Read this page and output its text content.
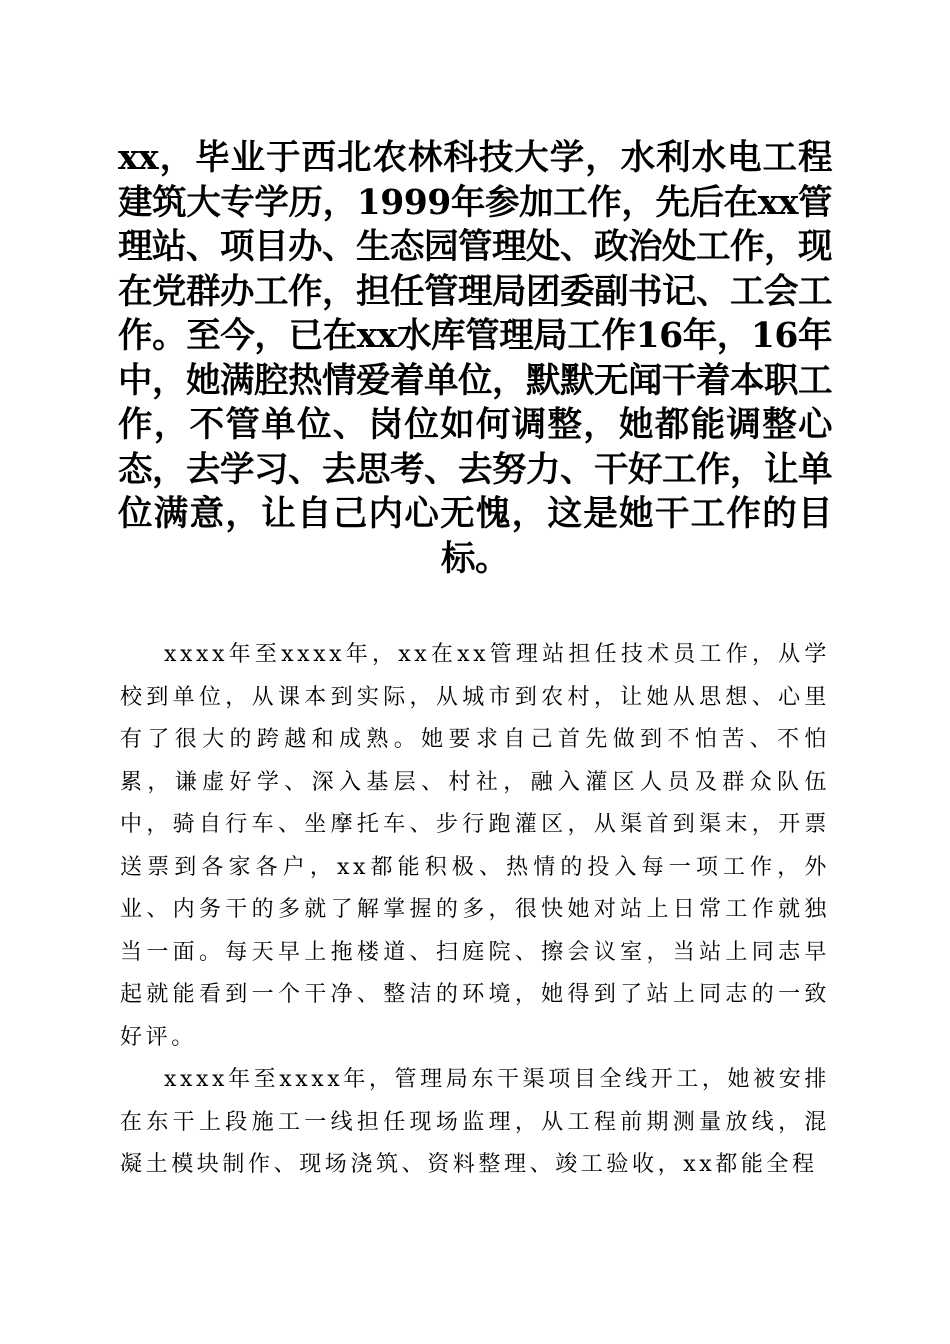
xx，毕业于西北农林科技大学，水利水电工程建筑大专学历，1999年参加工作，先后在xx管理站、项目办、生态园管理处、政治处工作，现在党群办工作，担任管理局团委副书记、工会工作。至今，已在xx水库管理局工作16年，16年中，她满腔热情爱着单位，默默无闻干着本职工作，不管单位、岗位如何调整，她都能调整心态，去学习、去思考、去努力、干好工作，让单位满意，让自己内心无愧，这是她干工作的目标。

xxxx年至xxxx年，xx在xx管理站担任技术员工作，从学校到单位，从课本到实际，从城市到农村，让她从思想、心里有了很大的跨越和成熟。她要求自己首先做到不怕苦、不怕累，谦虚好学、深入基层、村社，融入灌区人员及群众队伍中，骑自行车、坐摩托车、步行跑灌区，从渠首到渠末，开票送票到各家各户，xx都能积极、热情的投入每一项工作，外业、内务干的多就了解掌握的多，很快她对站上日常工作就独当一面。每天早上拖楼道、扫庭院、擦会议室，当站上同志早起就能看到一个干净、整洁的环境，她得到了站上同志的一致好评。

xxxx年至xxxx年，管理局东干渠项目全线开工，她被安排在东干上段施工一线担任现场监理，从工程前期测量放线，混凝土模块制作、现场浇筑、资料整理、竣工验收，xx都能全程
